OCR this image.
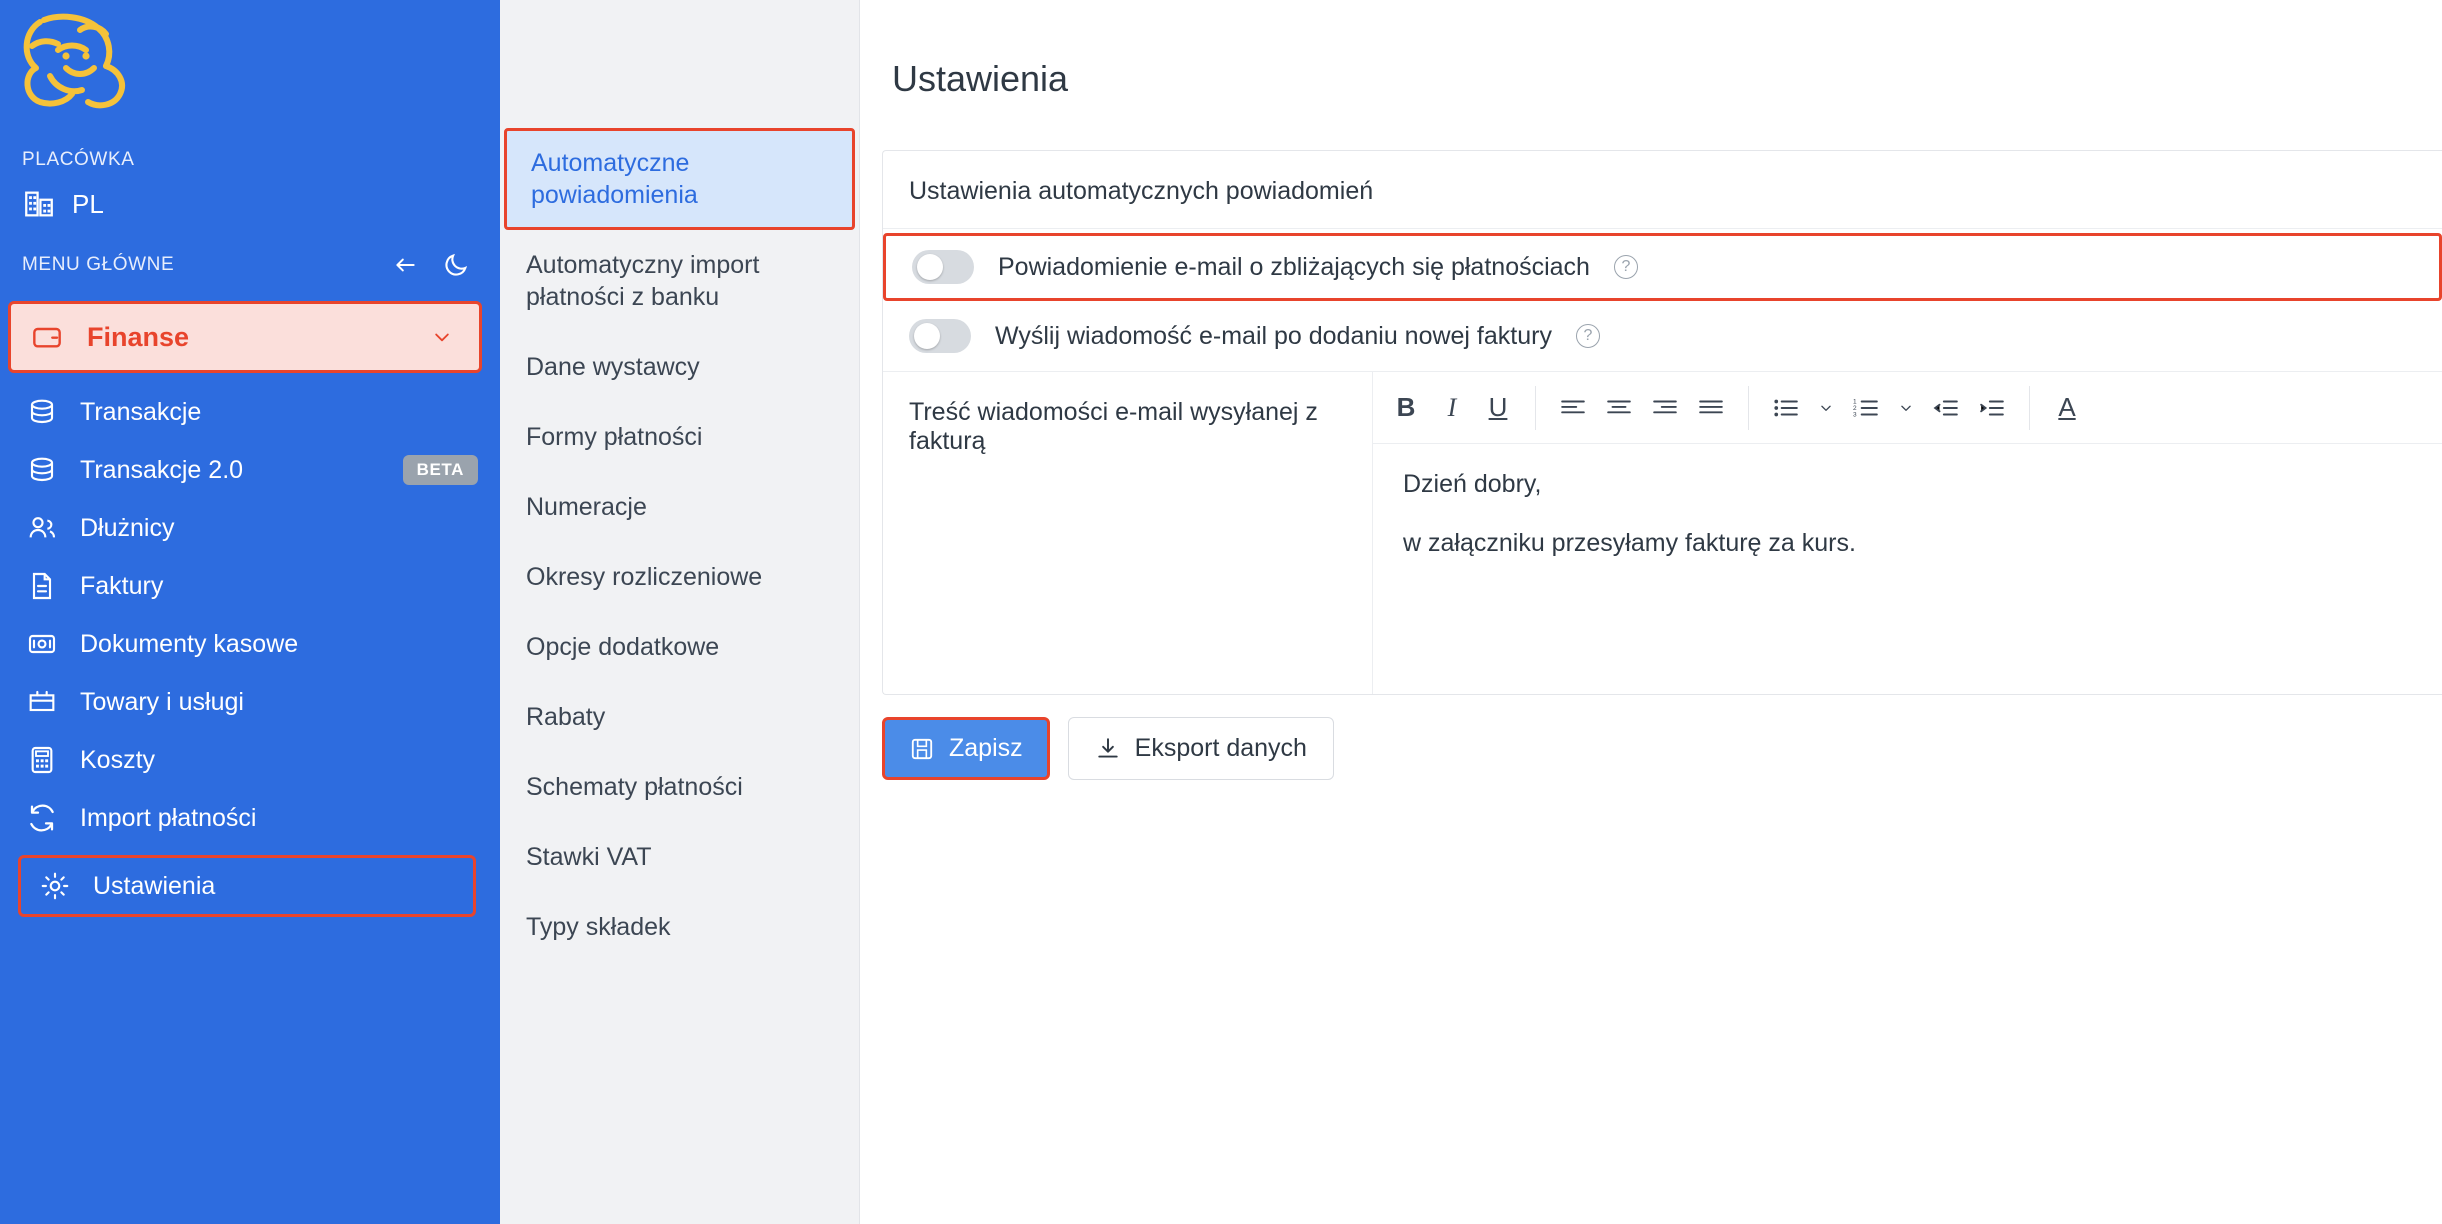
PLACÓWKA
PL
MENU GŁÓWNE
Finanse
Transakcje
Transakcje 2.0	BETA
Dłużnicy
Faktury
Dokumenty kasowe
Towary i usługi
Koszty
Import płatności
Ustawienia
Automatyczne powiadomienia
Automatyczny import płatności z banku
Dane wystawcy
Formy płatności
Numeracje
Okresy rozliczeniowe
Opcje dodatkowe
Rabaty
Schematy płatności
Stawki VAT
Typy składek
Ustawienia
Ustawienia automatycznych powiadomień
Powiadomienie e-mail o zbliżających się płatnościach	?
Wyślij wiadomość e-mail po dodaniu nowej faktury	?
Treść wiadomości e-mail wysyłanej z fakturą
B	I	U	1
2
3	A

Dzień dobry,

w załączniku przesyłamy fakturę za kurs.

Zapisz	Eksport danych
